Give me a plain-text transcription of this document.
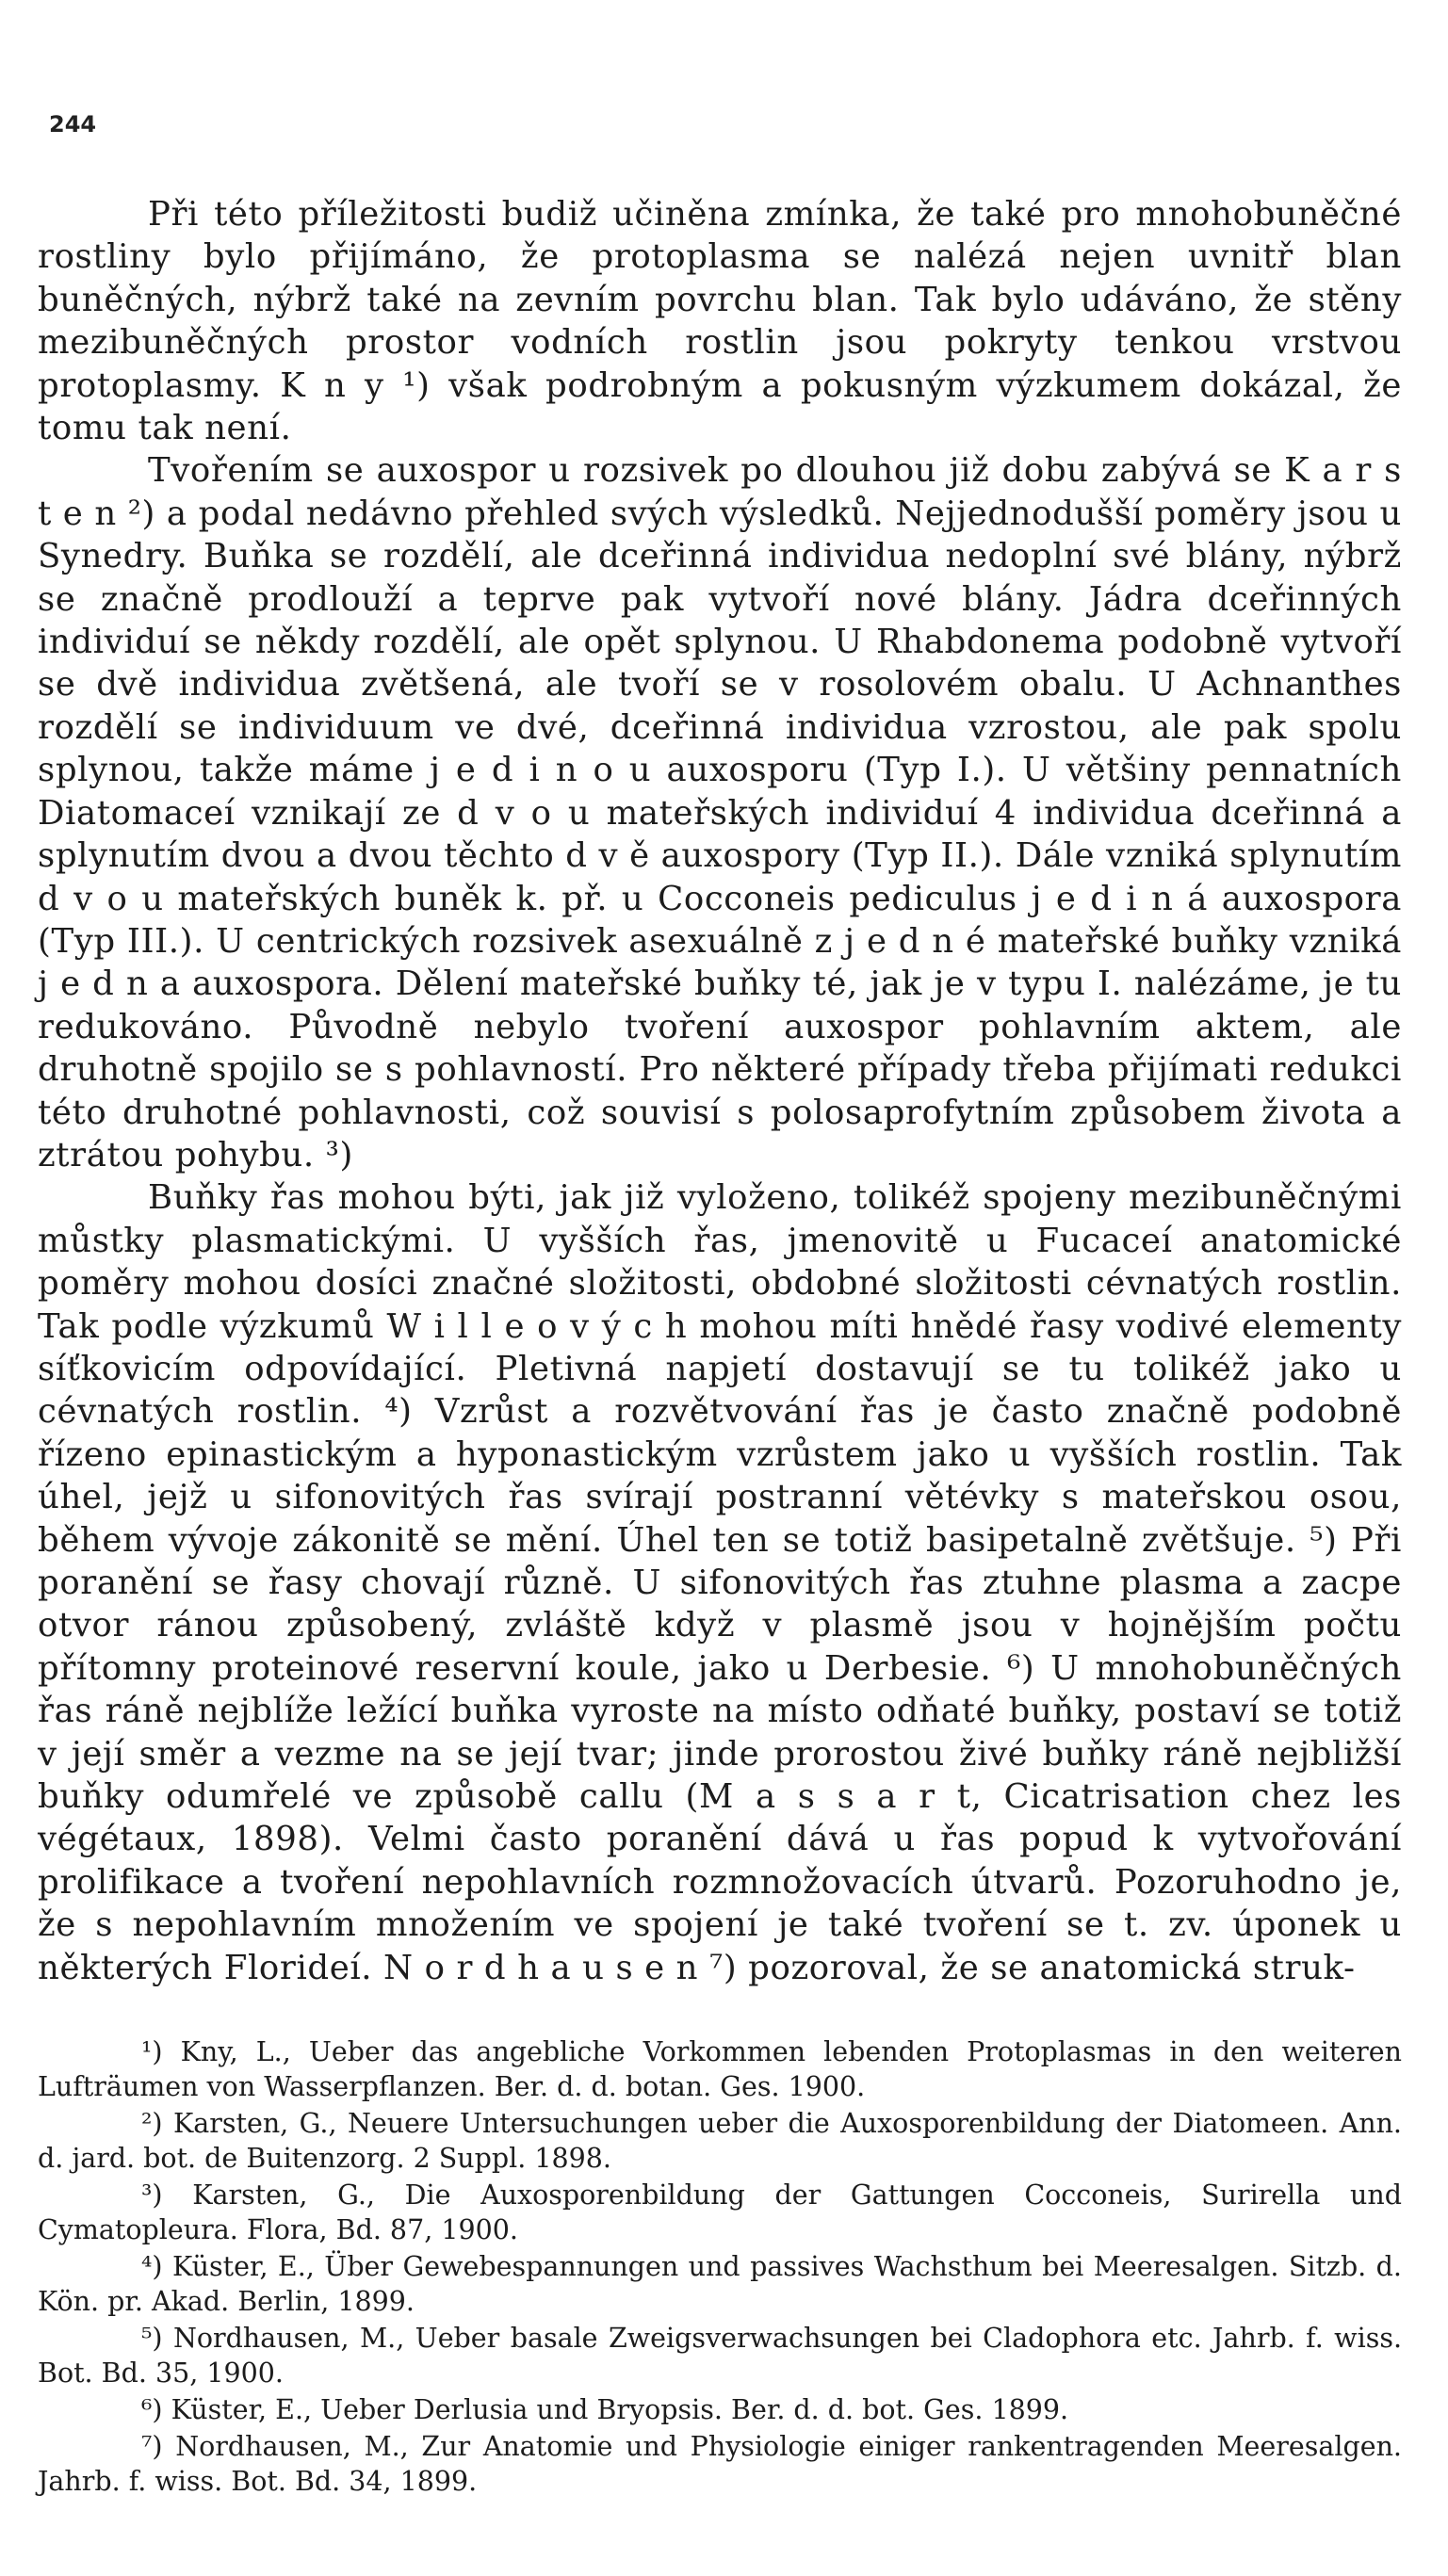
244

Při této příležitosti budiž učiněna zmínka, že také pro mnohobuněčné rostliny bylo přijímáno, že protoplasma se nalézá nejen uvnitř blan buněčných, nýbrž také na zevním povrchu blan. Tak bylo udáváno, že stěny mezibuněčných prostor vodních rostlin jsou pokryty tenkou vrstvou protoplasmy. K n y ¹) však podrobným a pokusným výzkumem dokázal, že tomu tak není.

Tvořením se auxospor u rozsivek po dlouhou již dobu zabývá se K a r s t e n ²) a podal nedávno přehled svých výsledků. Nejjednodušší poměry jsou u Synedry. Buňka se rozdělí, ale dceřinná individua nedoplní své blány, nýbrž se značně prodlouží a teprve pak vytvoří nové blány. Jádra dceřinných individuí se někdy rozdělí, ale opět splynou. U Rhabdonema podobně vytvoří se dvě individua zvětšená, ale tvoří se v rosolovém obalu. U Achnanthes rozdělí se individuum ve dvé, dceřinná individua vzrostou, ale pak spolu splynou, takže máme j e d i n o u auxosporu (Typ I.). U většiny pennatních Diatomaceí vznikají ze d v o u mateřských individuí 4 individua dceřinná a splynutím dvou a dvou těchto d v ě auxospory (Typ II.). Dále vzniká splynutím d v o u mateřských buněk k. př. u Cocconeis pediculus j e d i n á auxospora (Typ III.). U centrických rozsivek asexuálně z j e d n é mateřské buňky vzniká j e d n a auxospora. Dělení mateřské buňky té, jak je v typu I. nalézáme, je tu redukováno. Původně nebylo tvoření auxospor pohlavním aktem, ale druhotně spojilo se s pohlavností. Pro některé případy třeba přijímati redukci této druhotné pohlavnosti, což souvisí s polosaprofytním způsobem života a ztrátou pohybu. ³)

Buňky řas mohou býti, jak již vyloženo, tolikéž spojeny mezibuněčnými můstky plasmatickými. U vyšších řas, jmenovitě u Fucaceí anatomické poměry mohou dosíci značné složitosti, obdobné složitosti cévnatých rostlin. Tak podle výzkumů W i l l e o v ý c h mohou míti hnědé řasy vodivé elementy síťkovicím odpovídající. Pletivná napjetí dostavují se tu tolikéž jako u cévnatých rostlin. ⁴) Vzrůst a rozvětvování řas je často značně podobně řízeno epinastickým a hyponastickým vzrůstem jako u vyšších rostlin. Tak úhel, jejž u sifonovitých řas svírají postranní větévky s mateřskou osou, během vývoje zákonitě se mění. Úhel ten se totiž basipetalně zvětšuje. ⁵) Při poranění se řasy chovají různě. U sifonovitých řas ztuhne plasma a zacpe otvor ránou způsobený, zvláště když v plasmě jsou v hojnějším počtu přítomny proteinové reservní koule, jako u Derbesie. ⁶) U mnohobuněčných řas ráně nejblíže ležící buňka vyroste na místo odňaté buňky, postaví se totiž v její směr a vezme na se její tvar; jinde prorostou živé buňky ráně nejbližší buňky odumřelé ve způsobě callu (M a s s a r t, Cicatrisation chez les végétaux, 1898). Velmi často poranění dává u řas popud k vytvořování prolifikace a tvoření nepohlavních rozmnožovacích útvarů. Pozoruhodno je, že s nepohlavním množením ve spojení je také tvoření se t. zv. úponek u některých Florideí. N o r d h a u s e n ⁷) pozoroval, že se anatomická struk-

¹) Kny, L., Ueber das angebliche Vorkommen lebenden Protoplasmas in den weiteren Lufträumen von Wasserpflanzen. Ber. d. d. botan. Ges. 1900.

²) Karsten, G., Neuere Untersuchungen ueber die Auxosporenbildung der Diatomeen. Ann. d. jard. bot. de Buitenzorg. 2 Suppl. 1898.

³) Karsten, G., Die Auxosporenbildung der Gattungen Cocconeis, Surirella und Cymatopleura. Flora, Bd. 87, 1900.

⁴) Küster, E., Über Gewebespannungen und passives Wachsthum bei Meeresalgen. Sitzb. d. Kön. pr. Akad. Berlin, 1899.

⁵) Nordhausen, M., Ueber basale Zweigsverwachsungen bei Cladophora etc. Jahrb. f. wiss. Bot. Bd. 35, 1900.

⁶) Küster, E., Ueber Derlusia und Bryopsis. Ber. d. d. bot. Ges. 1899.

⁷) Nordhausen, M., Zur Anatomie und Physiologie einiger rankentragenden Meeresalgen. Jahrb. f. wiss. Bot. Bd. 34, 1899.
